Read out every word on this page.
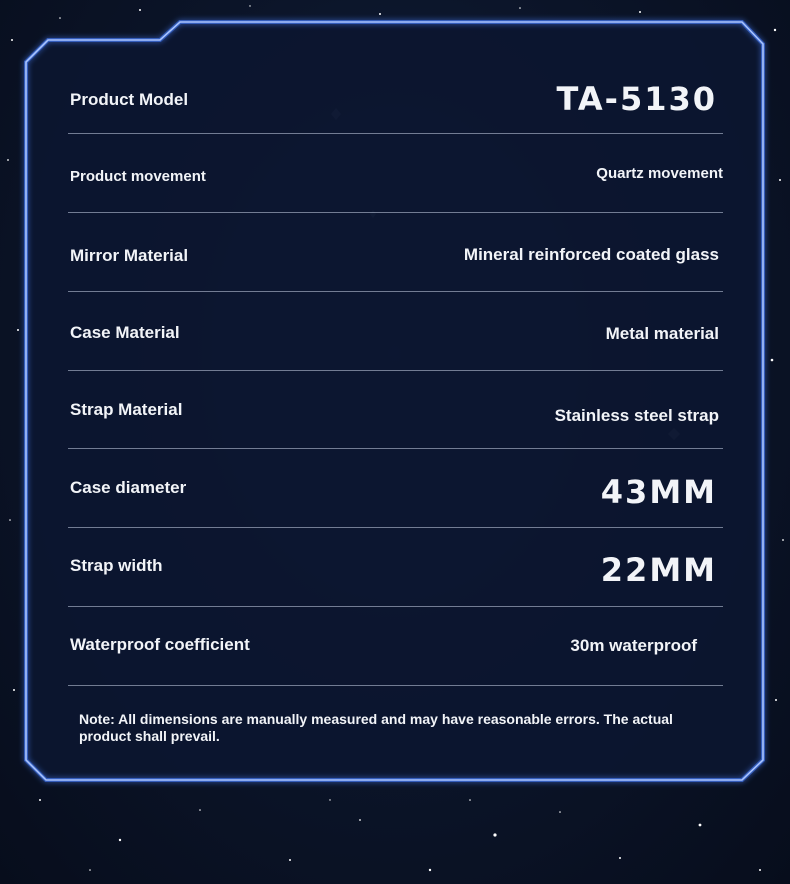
Product Model	TA-5130
Product movement	Quartz movement
Mirror Material	Mineral reinforced coated glass
Case Material	Metal material
Strap Material	Stainless steel strap
Case diameter	43MM
Strap width	22MM
Waterproof coefficient	30m waterproof
Note: All dimensions are manually measured and may have reasonable errors. The actual product shall prevail.
